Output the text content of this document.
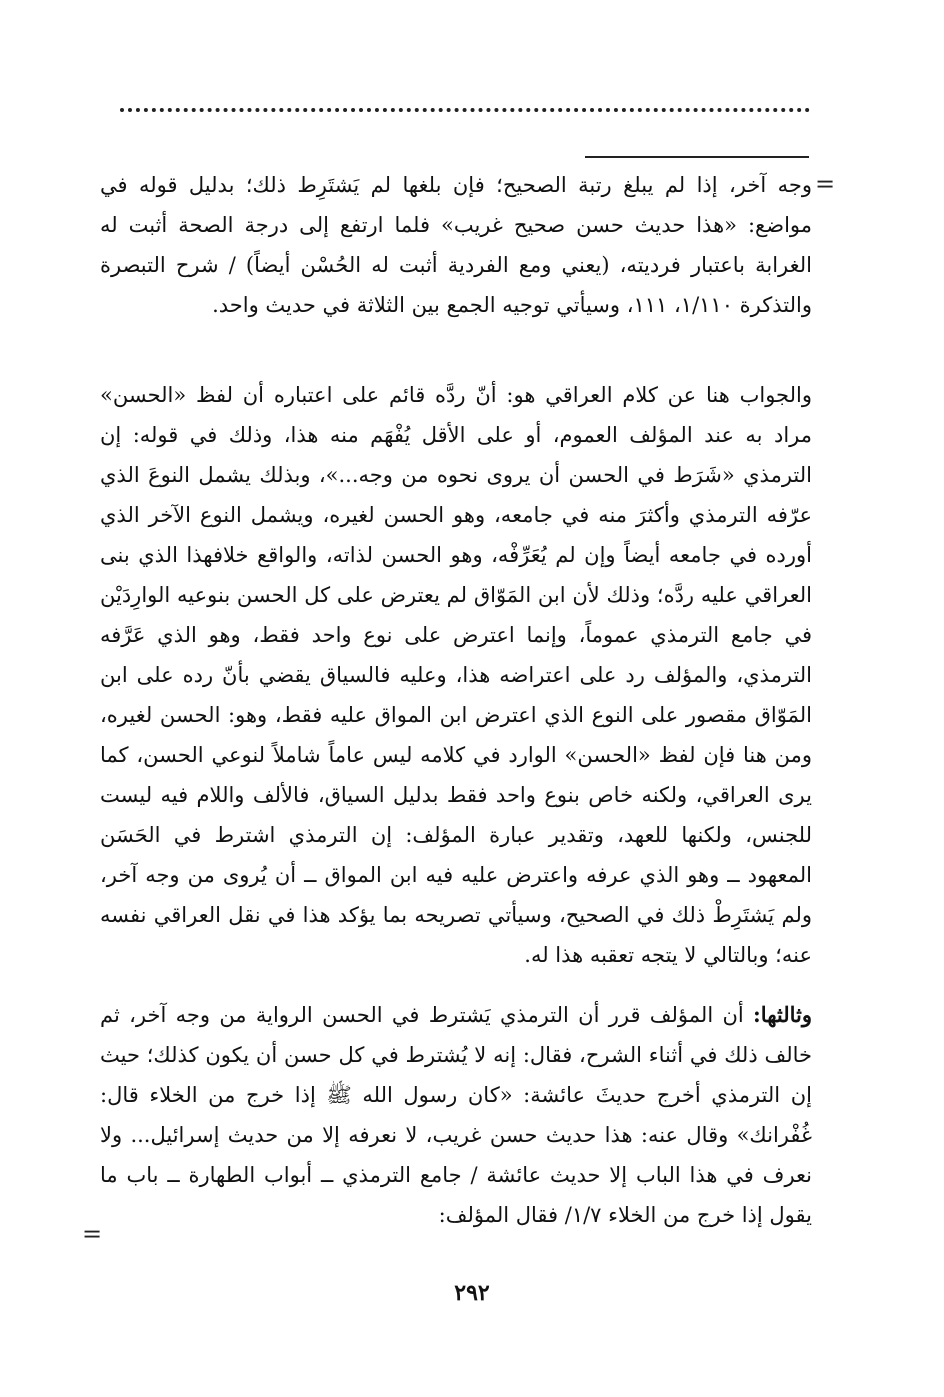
=

وجه آخر، إذا لم يبلغ رتبة الصحيح؛ فإن بلغها لم يَشتَرِط ذلك؛ بدليل قوله في مواضع: «هذا حديث حسن صحيح غريب» فلما ارتفع إلى درجة الصحة أثبت له الغرابة باعتبار فرديته، (يعني ومع الفردية أثبت له الحُسْن أيضاً) / شرح التبصرة والتذكرة ١/١١٠، ١١١، وسيأتي توجيه الجمع بين الثلاثة في حديث واحد.

والجواب هنا عن كلام العراقي هو: أنّ ردَّه قائم على اعتباره أن لفظ «الحسن» مراد به عند المؤلف العموم، أو على الأقل يُفْهَم منه هذا، وذلك في قوله: إن الترمذي «شَرَط في الحسن أن يروى نحوه من وجه...»، وبذلك يشمل النوعَ الذي عرّفه الترمذي وأكثرَ منه في جامعه، وهو الحسن لغيره، ويشمل النوع الآخر الذي أورده في جامعه أيضاً وإن لم يُعَرِّفْه، وهو الحسن لذاته، والواقع خلافهذا الذي بنى العراقي عليه ردَّه؛ وذلك لأن ابن المَوّاق لم يعترض على كل الحسن بنوعيه الوارِدَيْن في جامع الترمذي عموماً، وإنما اعترض على نوع واحد فقط، وهو الذي عَرَّفه الترمذي، والمؤلف رد على اعتراضه هذا، وعليه فالسياق يقضي بأنّ رده على ابن المَوّاق مقصور على النوع الذي اعترض ابن المواق عليه فقط، وهو: الحسن لغيره، ومن هنا فإن لفظ «الحسن» الوارد في كلامه ليس عاماً شاملاً لنوعي الحسن، كما يرى العراقي، ولكنه خاص بنوع واحد فقط بدليل السياق، فالألف واللام فيه ليست للجنس، ولكنها للعهد، وتقدير عبارة المؤلف: إن الترمذي اشترط في الحَسَن المعهود ــ وهو الذي عرفه واعترض عليه فيه ابن المواق ــ أن يُروى من وجه آخر، ولم يَشتَرِطْ ذلك في الصحيح، وسيأتي تصريحه بما يؤكد هذا في نقل العراقي نفسه عنه؛ وبالتالي لا يتجه تعقبه هذا له.

وثالثها: أن المؤلف قرر أن الترمذي يَشترط في الحسن الرواية من وجه آخر، ثم خالف ذلك في أثناء الشرح، فقال: إنه لا يُشترط في كل حسن أن يكون كذلك؛ حيث إن الترمذي أخرج حديثَ عائشة: «كان رسول الله ﷺ إذا خرج من الخلاء قال: غُفْرانك» وقال عنه: هذا حديث حسن غريب، لا نعرفه إلا من حديث إسرائيل... ولا نعرف في هذا الباب إلا حديث عائشة / جامع الترمذي ــ أبواب الطهارة ــ باب ما يقول إذا خرج من الخلاء ١/٧/ فقال المؤلف:

=
٢٩٢
